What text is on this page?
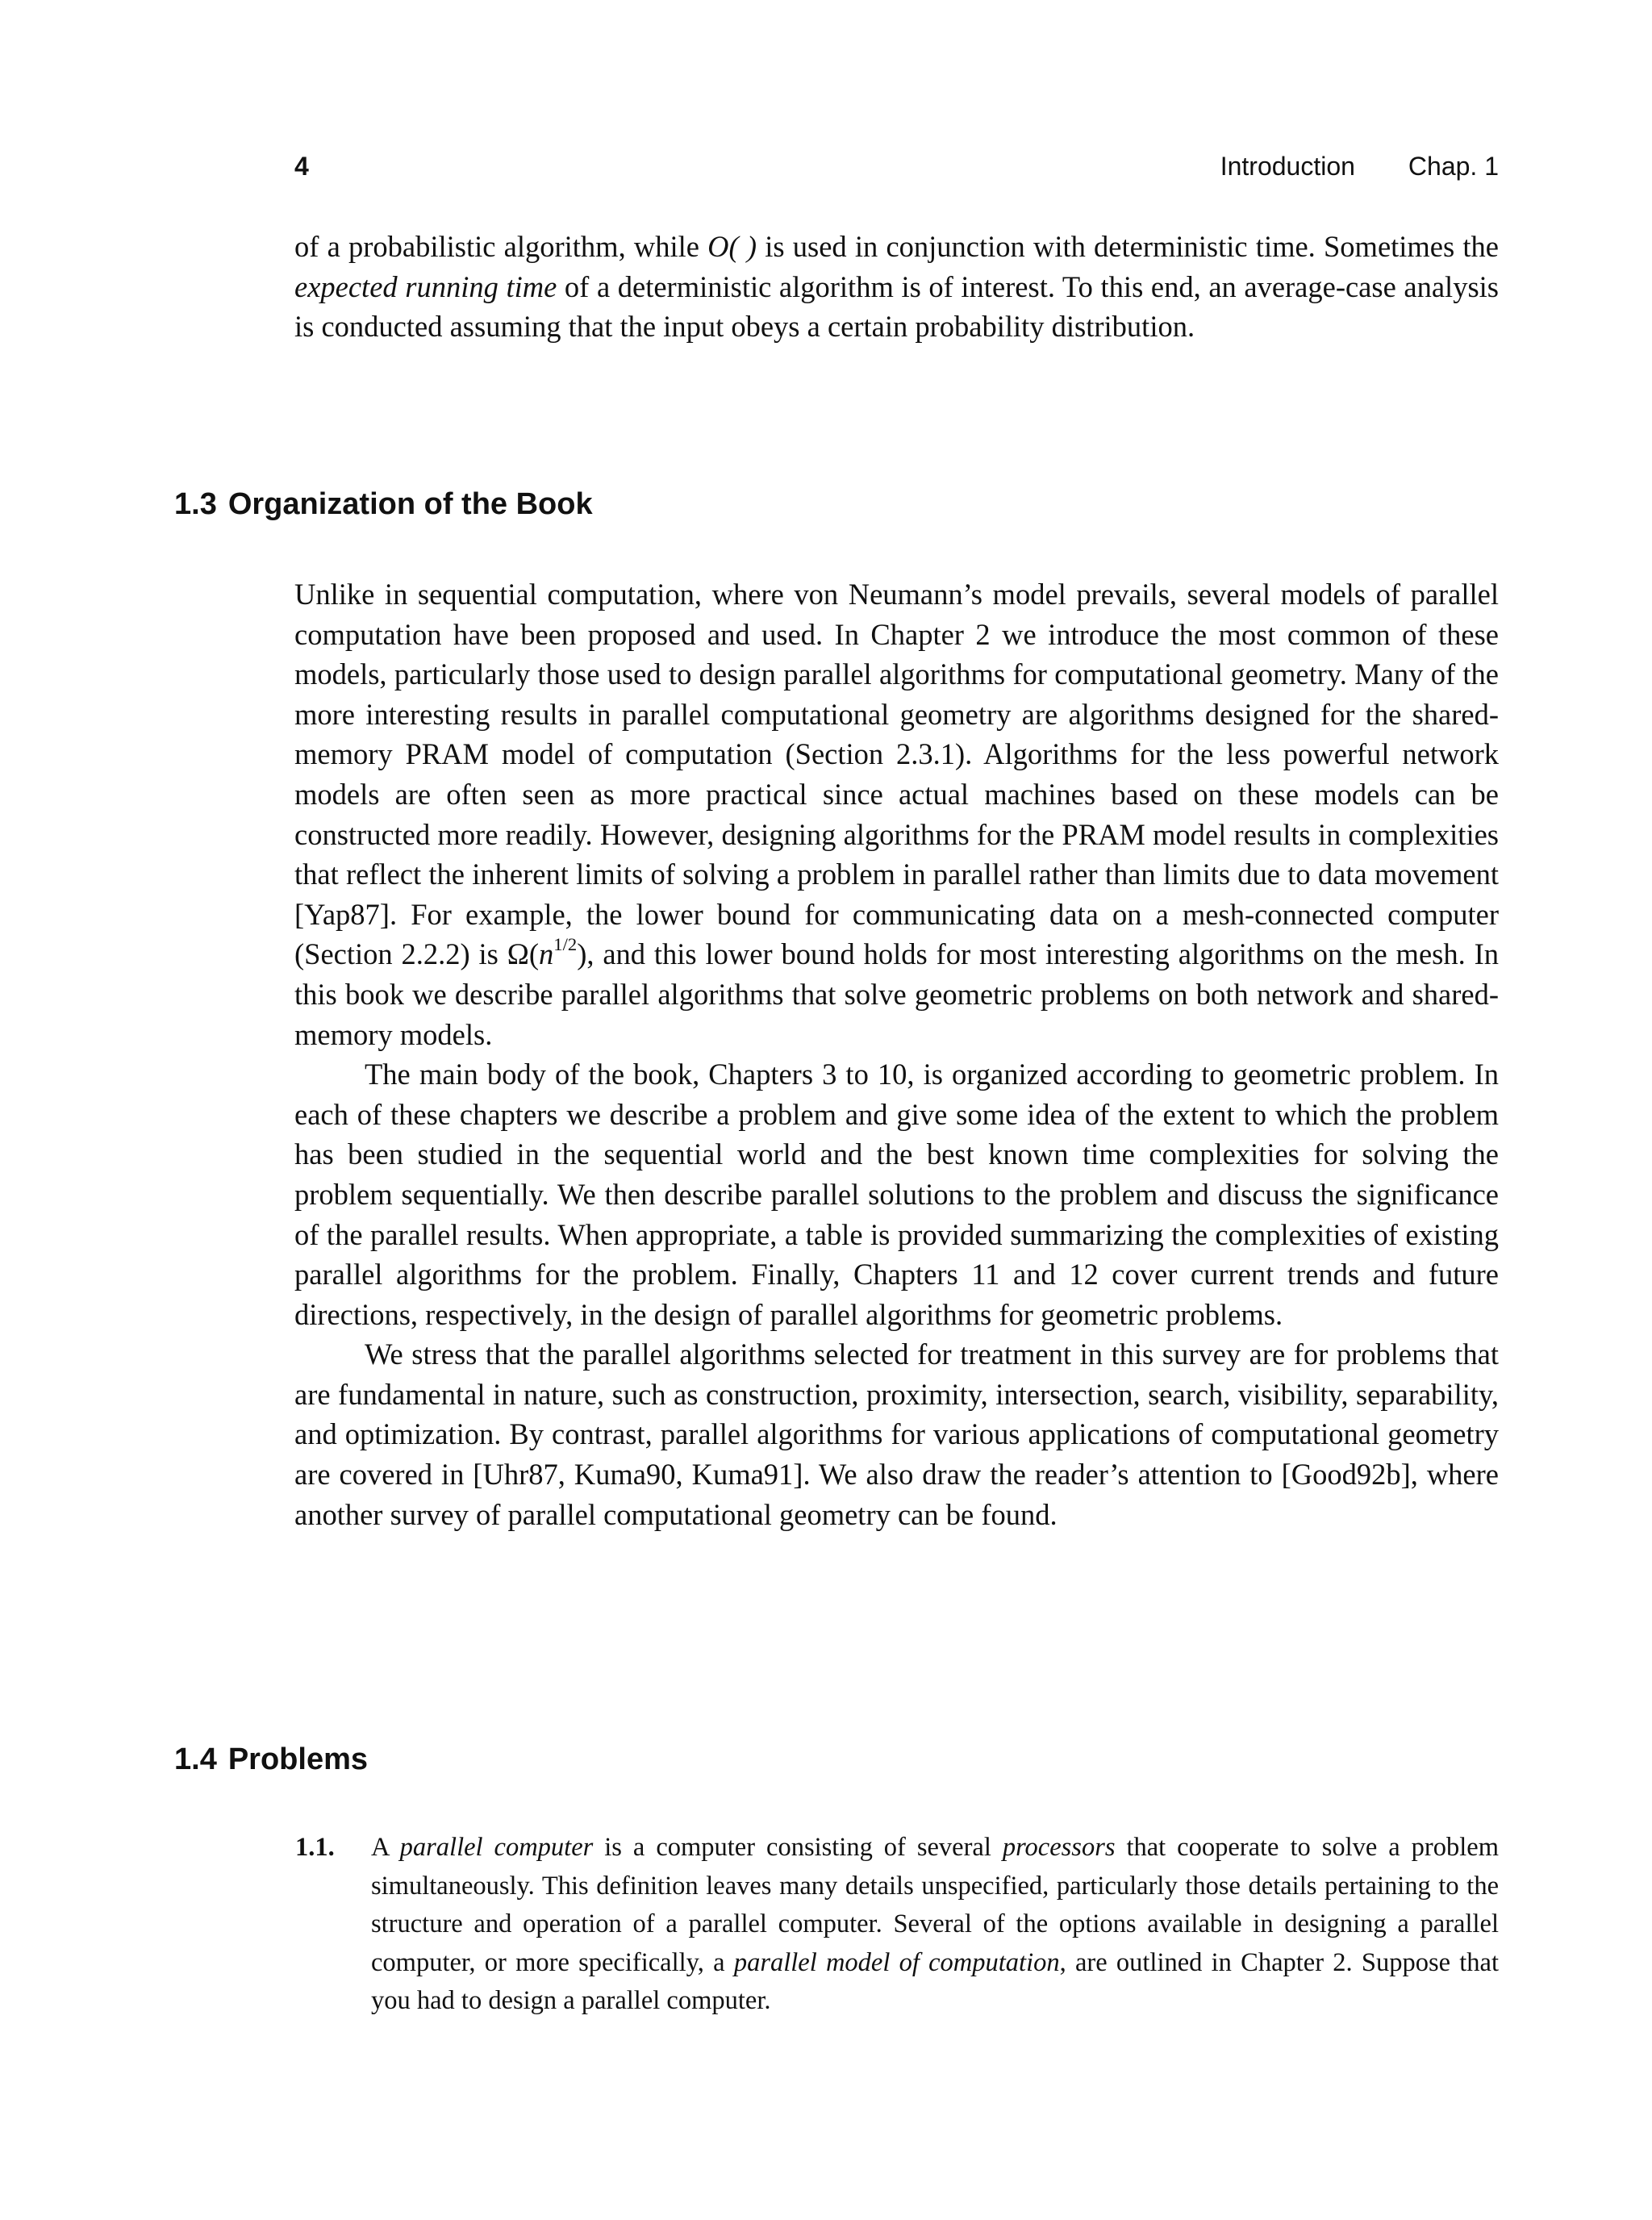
4	Introduction Chap. 1

of a probabilistic algorithm, while O( ) is used in conjunction with deterministic time. Sometimes the expected running time of a deterministic algorithm is of interest. To this end, an average-case analysis is conducted assuming that the input obeys a certain probability distribution.

1.3 Organization of the Book

Unlike in sequential computation, where von Neumann’s model prevails, several models of parallel computation have been proposed and used. In Chapter 2 we introduce the most common of these models, particularly those used to design parallel algorithms for computational geometry. Many of the more interesting results in parallel computational geometry are algorithms designed for the shared-memory PRAM model of computation (Section 2.3.1). Algorithms for the less powerful network models are often seen as more practical since actual machines based on these models can be constructed more readily. However, designing algorithms for the PRAM model results in complexities that reflect the inherent limits of solving a problem in parallel rather than limits due to data movement [Yap87]. For example, the lower bound for communicating data on a mesh-connected computer (Section 2.2.2) is $\Omega(n^{1/2})$, and this lower bound holds for most interesting algorithms on the mesh. In this book we describe parallel algorithms that solve geometric problems on both network and shared-memory models.

The main body of the book, Chapters 3 to 10, is organized according to geometric problem. In each of these chapters we describe a problem and give some idea of the extent to which the problem has been studied in the sequential world and the best known time complexities for solving the problem sequentially. We then describe parallel solutions to the problem and discuss the significance of the parallel results. When appropriate, a table is provided summarizing the complexities of existing parallel algorithms for the problem. Finally, Chapters 11 and 12 cover current trends and future directions, respectively, in the design of parallel algorithms for geometric problems.

We stress that the parallel algorithms selected for treatment in this survey are for problems that are fundamental in nature, such as construction, proximity, intersection, search, visibility, separability, and optimization. By contrast, parallel algorithms for various applications of computational geometry are covered in [Uhr87, Kuma90, Kuma91]. We also draw the reader’s attention to [Good92b], where another survey of parallel computational geometry can be found.

1.4 Problems
1.1. A parallel computer is a computer consisting of several processors that cooperate to solve a problem simultaneously. This definition leaves many details unspecified, particularly those details pertaining to the structure and operation of a parallel computer. Several of the options available in designing a parallel computer, or more specifically, a parallel model of computation, are outlined in Chapter 2. Suppose that you had to design a parallel computer.
